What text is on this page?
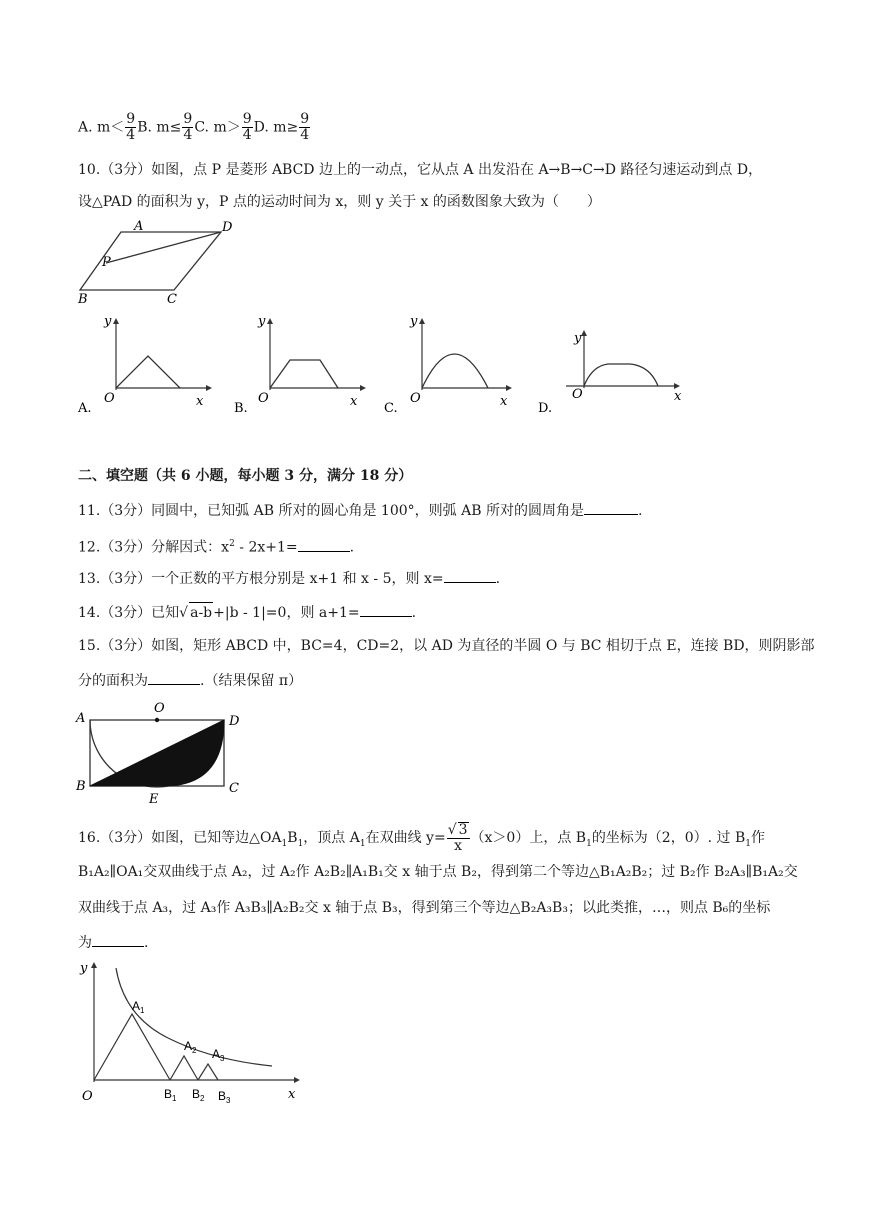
A. $m< \frac{9}{4} B$. $m\le \frac{9}{4} C$. $m> \frac{9}{4} D$. $m\ge \frac{9}{4}$
10.（3分）如图，点 P 是菱形 ABCD 边上的一动点，它从点 A 出发沿在 A→B→C→D 路径匀速运动到点 D，
设△PAD 的面积为 y，P 点的运动时间为 x，则 y 关于 x 的函数图象大致为（　　）
A	D
P
B	C
y
O	x
A.
y
O	x
B.
y
O	x
C.
y
O	x
D.
二、填空题（共 6 小题，每小题 3 分，满分 18 分）
11.（3分）同圆中，已知弧 AB 所对的圆心角是 100°，则弧 AB 所对的圆周角是	.
12.（3分）分解因式：$x^2 - 2x+1=$	.
13.（3分）一个正数的平方根分别是 x+1 和 x - 5，则 x=	.
14.（3分）已知√ a-b+|b - 1|=0，则 a+1=	.
15.（3分）如图，矩形 ABCD 中，BC=4，CD=2，以 AD 为直径的半圆 O 与 BC 相切于点 E，连接 BD，则阴影部
分的面积为	.（结果保留 π）
A
O
D
B	C
E
16.（3分）如图，已知等边$\triangle OA_1B_1$，顶点 $A_1$在双曲线 $y= \frac{√ 3}{x} (x>0)$上，点 $B_1$的坐标为（2，0）. 过 $B_1$作
B₁A₂∥OA₁交双曲线于点 A₂，过 A₂作 A₂B₂∥A₁B₁交 x 轴于点 B₂，得到第二个等边△B₁A₂B₂；过 B₂作 B₂A₃∥B₁A₂交
双曲线于点 A₃，过 A₃作 A₃B₃∥A₂B₂交 x 轴于点 B₃，得到第三个等边△B₂A₃B₃；以此类推，…，则点 B₆的坐标
为	.
y
O	x
$A_1$
$A_2$ $A_3$
$B_1$ $B_2$ $B_3$
